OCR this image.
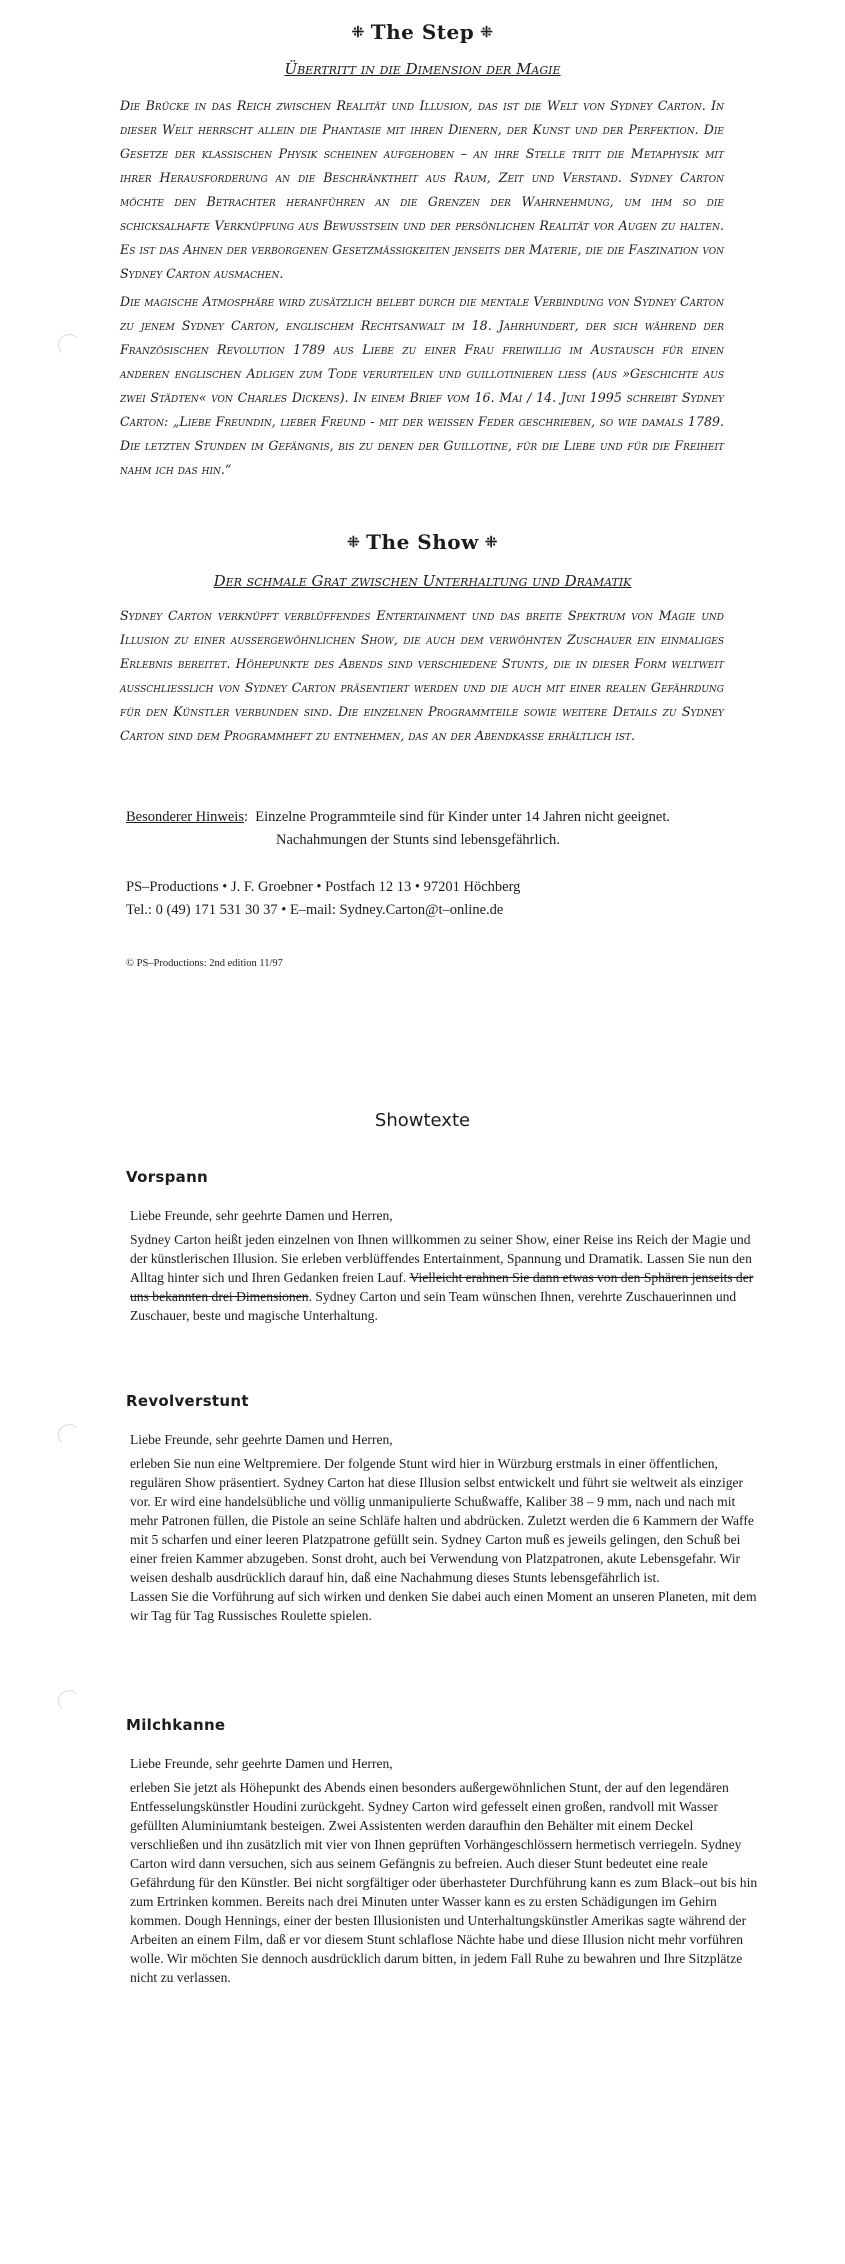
⁜ The Step ⁜
Übertritt in die Dimension der Magie

Die Brücke in das Reich zwischen Realität und Illusion, das ist die Welt von Sydney Carton. In dieser Welt herrscht allein die Phantasie mit ihren Dienern, der Kunst und der Perfektion. Die Gesetze der klassischen Physik scheinen aufgehoben – an ihre Stelle tritt die Metaphysik mit ihrer Herausforderung an die Beschränktheit aus Raum, Zeit und Verstand. Sydney Carton möchte den Betrachter heranführen an die Grenzen der Wahrnehmung, um ihm so die schicksalhafte Verknüpfung aus Bewußtsein und der persönlichen Realität vor Augen zu halten. Es ist das Ahnen der verborgenen Gesetzmäßigkeiten jenseits der Materie, die die Faszination von Sydney Carton ausmachen.

Die magische Atmosphäre wird zusätzlich belebt durch die mentale Verbindung von Sydney Carton zu jenem Sydney Carton, englischem Rechtsanwalt im 18. Jahrhundert, der sich während der Französischen Revolution 1789 aus Liebe zu einer Frau freiwillig im Austausch für einen anderen englischen Adligen zum Tode verurteilen und guillotinieren ließ (aus »Geschichte aus zwei Städten« von Charles Dickens). In einem Brief vom 16. Mai / 14. Juni 1995 schreibt Sydney Carton: „Liebe Freundin, lieber Freund - mit der weißen Feder geschrieben, so wie damals 1789. Die letzten Stunden im Gefängnis, bis zu denen der Guillotine, für die Liebe und für die Freiheit nahm ich das hin.“

⁜ The Show ⁜
Der schmale Grat zwischen Unterhaltung und Dramatik

Sydney Carton verknüpft verblüffendes Entertainment und das breite Spektrum von Magie und Illusion zu einer außergewöhnlichen Show, die auch dem verwöhnten Zuschauer ein einmaliges Erlebnis bereitet. Höhepunkte des Abends sind verschiedene Stunts, die in dieser Form weltweit ausschließlich von Sydney Carton präsentiert werden und die auch mit einer realen Gefährdung für den Künstler verbunden sind. Die einzelnen Programmteile sowie weitere Details zu Sydney Carton sind dem Programmheft zu entnehmen, das an der Abendkasse erhältlich ist.

Besonderer Hinweis: Einzelne Programmteile sind für Kinder unter 14 Jahren nicht geeignet.
Nachahmungen der Stunts sind lebensgefährlich.
PS–Productions • J. F. Groebner • Postfach 12 13 • 97201 Höchberg
Tel.: 0 (49) 171 531 30 37 • E–mail: Sydney.Carton@t–online.de
© PS–Productions: 2nd edition 11/97
Showtexte
Vorspann

Liebe Freunde, sehr geehrte Damen und Herren,

Sydney Carton heißt jeden einzelnen von Ihnen willkommen zu seiner Show, einer Reise ins Reich der Magie und der künstlerischen Illusion. Sie erleben verblüffendes Entertainment, Spannung und Dramatik. Lassen Sie nun den Alltag hinter sich und Ihren Gedanken freien Lauf. Vielleicht erahnen Sie dann etwas von den Sphären jenseits der uns bekannten drei Dimensionen. Sydney Carton und sein Team wünschen Ihnen, verehrte Zuschauerinnen und Zuschauer, beste und magische Unterhaltung.

Revolverstunt

Liebe Freunde, sehr geehrte Damen und Herren,

erleben Sie nun eine Weltpremiere. Der folgende Stunt wird hier in Würzburg erstmals in einer öffentlichen, regulären Show präsentiert. Sydney Carton hat diese Illusion selbst entwickelt und führt sie weltweit als einziger vor. Er wird eine handelsübliche und völlig unmanipulierte Schußwaffe, Kaliber 38 – 9 mm, nach und nach mit mehr Patronen füllen, die Pistole an seine Schläfe halten und abdrücken. Zuletzt werden die 6 Kammern der Waffe mit 5 scharfen und einer leeren Platzpatrone gefüllt sein. Sydney Carton muß es jeweils gelingen, den Schuß bei einer freien Kammer abzugeben. Sonst droht, auch bei Verwendung von Platzpatronen, akute Lebensgefahr. Wir weisen deshalb ausdrücklich darauf hin, daß eine Nachahmung dieses Stunts lebensgefährlich ist.

Lassen Sie die Vorführung auf sich wirken und denken Sie dabei auch einen Moment an unseren Planeten, mit dem wir Tag für Tag Russisches Roulette spielen.

Milchkanne

Liebe Freunde, sehr geehrte Damen und Herren,

erleben Sie jetzt als Höhepunkt des Abends einen besonders außergewöhnlichen Stunt, der auf den legendären Entfesselungskünstler Houdini zurückgeht. Sydney Carton wird gefesselt einen großen, randvoll mit Wasser gefüllten Aluminiumtank besteigen. Zwei Assistenten werden daraufhin den Behälter mit einem Deckel verschließen und ihn zusätzlich mit vier von Ihnen geprüften Vorhängeschlössern hermetisch verriegeln. Sydney Carton wird dann versuchen, sich aus seinem Gefängnis zu befreien. Auch dieser Stunt bedeutet eine reale Gefährdung für den Künstler. Bei nicht sorgfältiger oder überhasteter Durchführung kann es zum Black–out bis hin zum Ertrinken kommen. Bereits nach drei Minuten unter Wasser kann es zu ersten Schädigungen im Gehirn kommen. Dough Hennings, einer der besten Illusionisten und Unterhaltungskünstler Amerikas sagte während der Arbeiten an einem Film, daß er vor diesem Stunt schlaflose Nächte habe und diese Illusion nicht mehr vorführen wolle. Wir möchten Sie dennoch ausdrücklich darum bitten, in jedem Fall Ruhe zu bewahren und Ihre Sitzplätze nicht zu verlassen.
